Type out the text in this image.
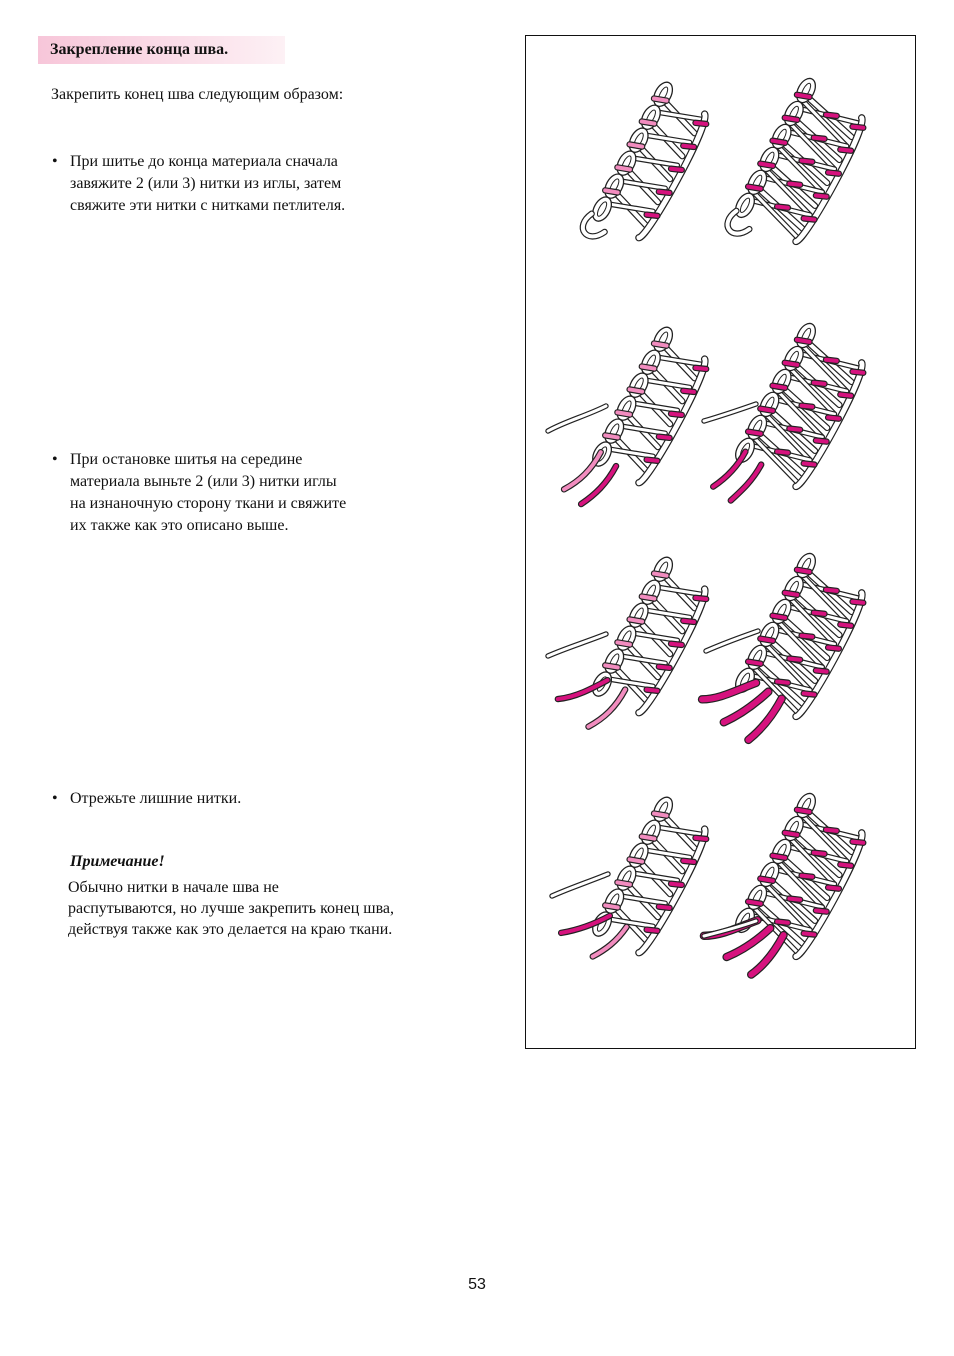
Закрепление конца шва.
Закрепить конец шва следующим образом:
• При шитье до конца материала сначала
завяжите 2 (или 3) нитки из иглы, затем
свяжите эти нитки с нитками петлителя.
• При остановке шитья на середине
материала выньте 2 (или 3) нитки иглы
на изнаночную сторону ткани и свяжите
их также как это описано выше.
• Отрежьте лишние нитки.
Примечание!
Обычно нитки в начале шва не
распутываются, но лучше закрепить конец шва,
действуя также как это делается на краю ткани.
53
